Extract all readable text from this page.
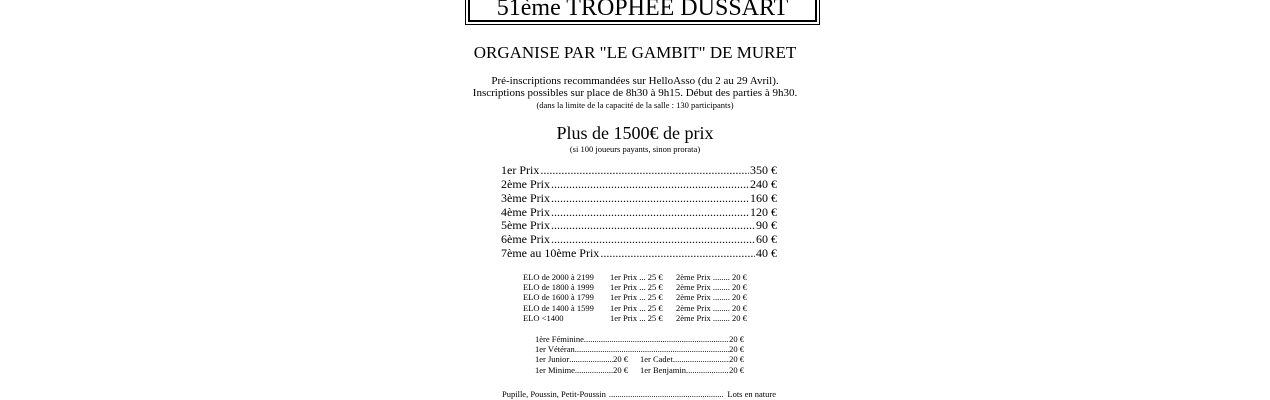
51ème TROPHEE DUSSART
ORGANISE PAR "LE GAMBIT" DE MURET
Pré-inscriptions recommandées sur HelloAsso (du 2 au 29 Avril).
Inscriptions possibles sur place de 8h30 à 9h15. Début des parties à 9h30.
(dans la limite de la capacité de la salle : 130 participants)
Plus de 1500€ de prix
(si 100 joueurs payants, sinon prorata)
1er Prix .....	350 €
2ème Prix .....	240 €
3ème Prix .....	160 €
4ème Prix .....	120 €
5ème Prix .....	90 €
6ème Prix .....	60 €
7ème au 10ème Prix .....	40 €
ELO de 2000 à 2199 1er Prix ... 25 € 2ème Prix ........ 20 €
ELO de 1800 à 1999 1er Prix ... 25 € 2ème Prix ........ 20 €
ELO de 1600 à 1799 1er Prix ... 25 € 2ème Prix ........ 20 €
ELO de 1400 à 1599 1er Prix ... 25 € 2ème Prix ........ 20 €
ELO <1400	1er Prix ... 25 € 2ème Prix ........ 20 €
1ère Féminine .....	20 €
1er Vétéran .....	20 €
1er Junior .....	20 € 1er Cadet .....	20 €
1er Minime .....	20 € 1er Benjamin .....	20 €
Pupille, Poussin, Petit-Poussin .....	Lots en nature
